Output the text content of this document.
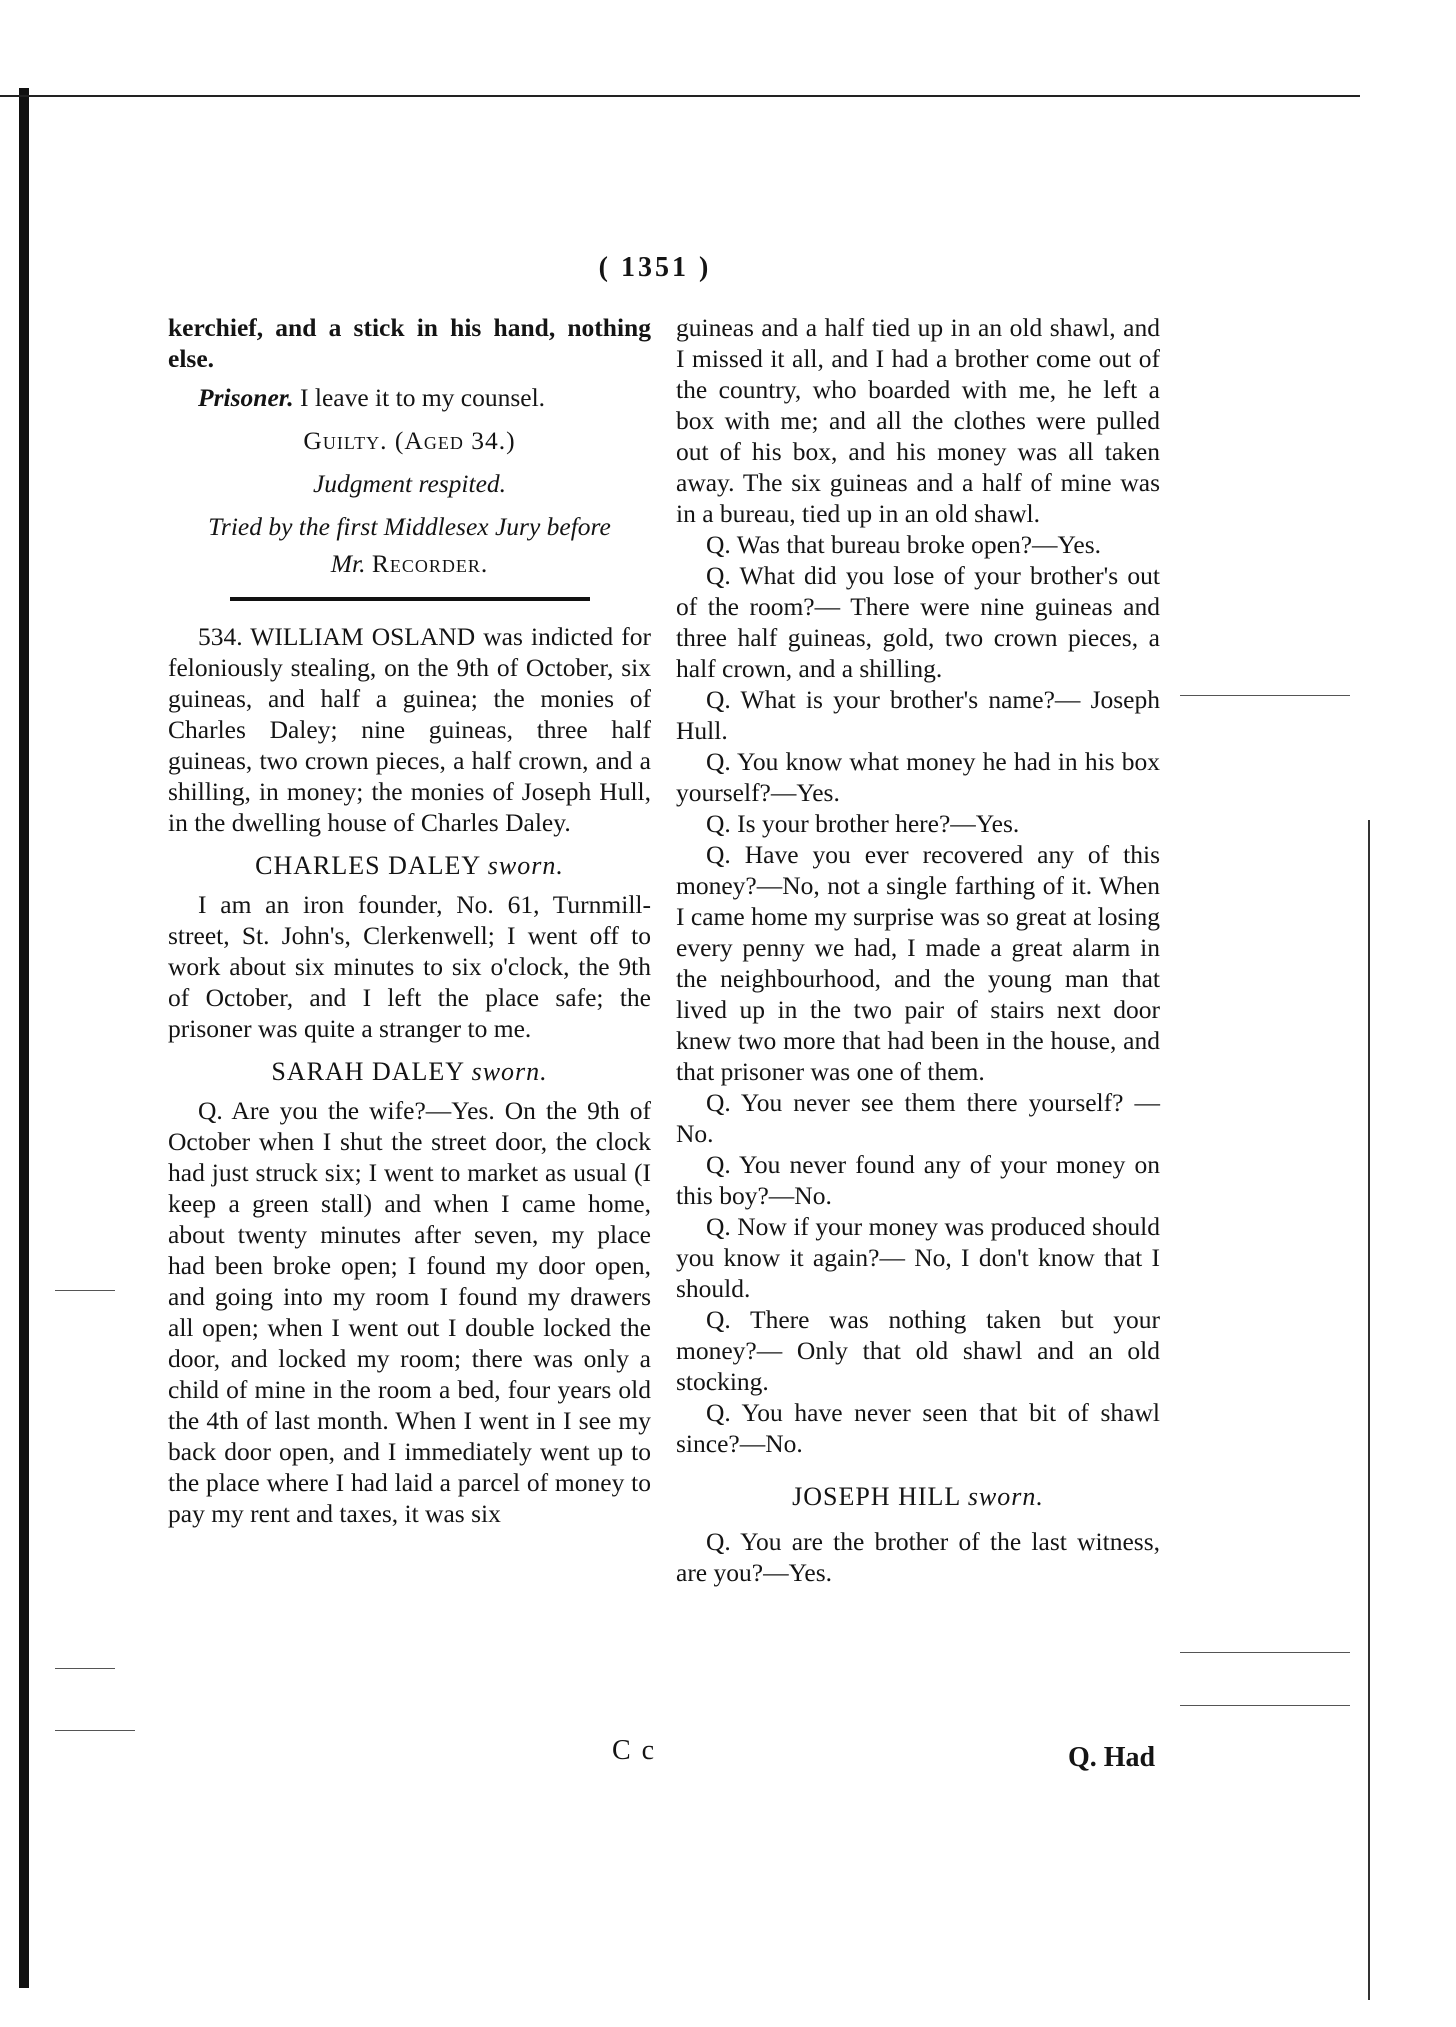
( 1351 )

kerchief, and a stick in his hand, nothing else.

Prisoner. I leave it to my counsel.

Guilty. (Aged 34.)

Judgment respited.

Tried by the first Middlesex Jury before

Mr. Recorder.

534. WILLIAM OSLAND was indicted for feloniously stealing, on the 9th of October, six guineas, and half a guinea; the monies of Charles Daley; nine guineas, three half guineas, two crown pieces, a half crown, and a shilling, in money; the monies of Joseph Hull, in the dwelling house of Charles Daley.

CHARLES DALEY sworn.

I am an iron founder, No. 61, Turnmill-street, St. John's, Clerkenwell; I went off to work about six minutes to six o'clock, the 9th of October, and I left the place safe; the prisoner was quite a stranger to me.

SARAH DALEY sworn.

Q. Are you the wife?—Yes. On the 9th of October when I shut the street door, the clock had just struck six; I went to market as usual (I keep a green stall) and when I came home, about twenty minutes after seven, my place had been broke open; I found my door open, and going into my room I found my drawers all open; when I went out I double locked the door, and locked my room; there was only a child of mine in the room a bed, four years old the 4th of last month. When I went in I see my back door open, and I immediately went up to the place where I had laid a parcel of money to pay my rent and taxes, it was six

guineas and a half tied up in an old shawl, and I missed it all, and I had a brother come out of the country, who boarded with me, he left a box with me; and all the clothes were pulled out of his box, and his money was all taken away. The six guineas and a half of mine was in a bureau, tied up in an old shawl.

Q. Was that bureau broke open?—Yes.

Q. What did you lose of your brother's out of the room?— There were nine guineas and three half guineas, gold, two crown pieces, a half crown, and a shilling.

Q. What is your brother's name?— Joseph Hull.

Q. You know what money he had in his box yourself?—Yes.

Q. Is your brother here?—Yes.

Q. Have you ever recovered any of this money?—No, not a single farthing of it. When I came home my surprise was so great at losing every penny we had, I made a great alarm in the neighbourhood, and the young man that lived up in the two pair of stairs next door knew two more that had been in the house, and that prisoner was one of them.

Q. You never see them there yourself? —No.

Q. You never found any of your money on this boy?—No.

Q. Now if your money was produced should you know it again?— No, I don't know that I should.

Q. There was nothing taken but your money?— Only that old shawl and an old stocking.

Q. You have never seen that bit of shawl since?—No.

JOSEPH HILL sworn.

Q. You are the brother of the last witness, are you?—Yes.

C c	Q. Had
